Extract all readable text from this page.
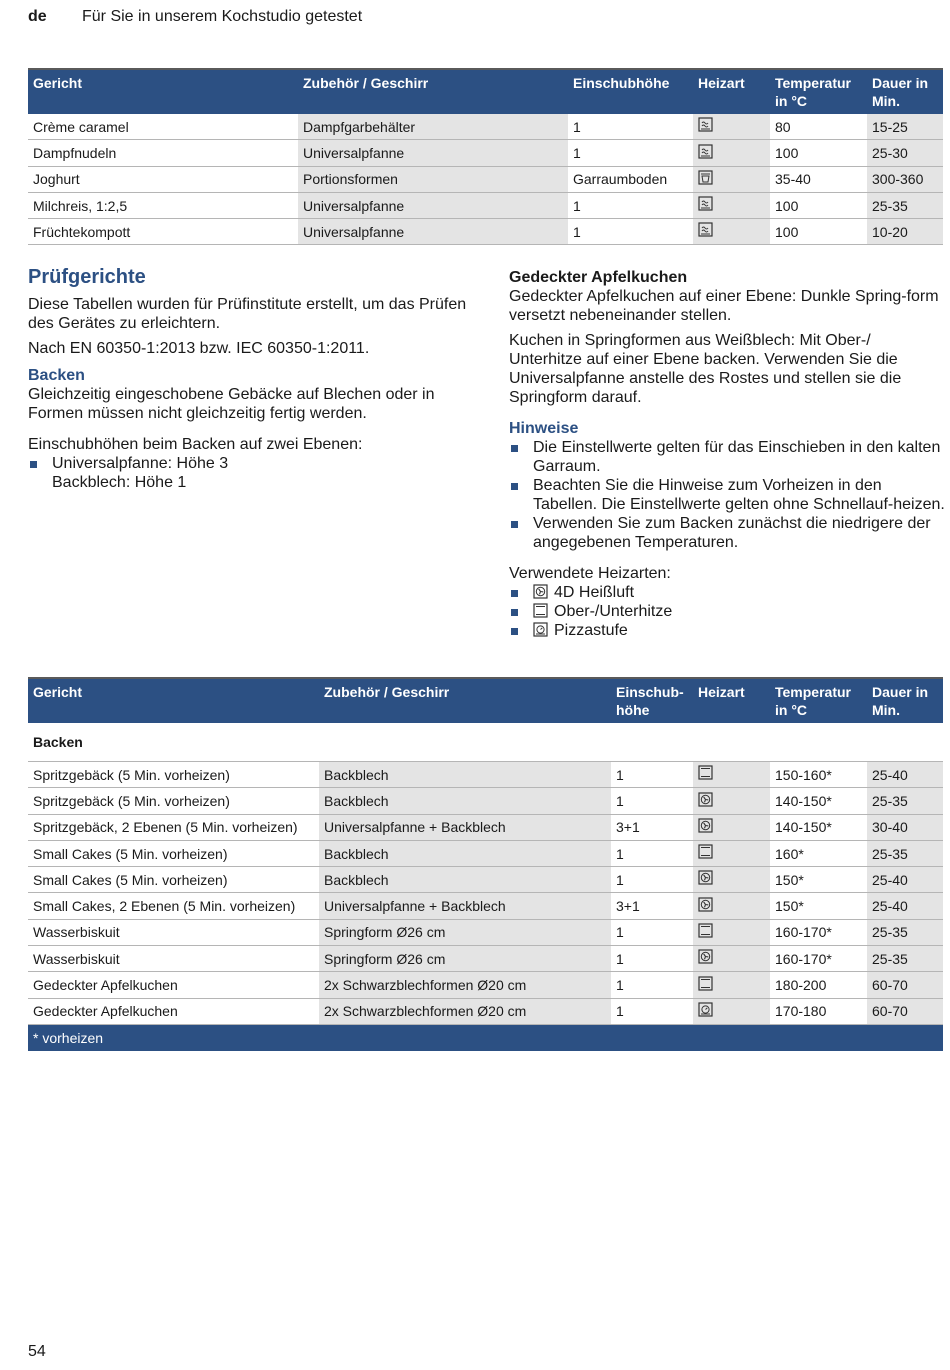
de Für Sie in unserem Kochstudio getestet
Gericht	Zubehör / Geschirr	Einschubhöhe	Heizart	Temperatur in °C	Dauer in Min.
Crème caramel	Dampfgarbehälter	1		80	15-25
Dampfnudeln	Universalpfanne	1		100	25-30
Joghurt	Portionsformen	Garraumboden		35-40	300-360
Milchreis, 1:2,5	Universalpfanne	1		100	25-35
Früchtekompott	Universalpfanne	1		100	10-20

Prüfgerichte

Diese Tabellen wurden für Prüfinstitute erstellt, um das Prüfen des Gerätes zu erleichtern.

Nach EN 60350-1:2013 bzw. IEC 60350-1:2011.

Backen

Gleichzeitig eingeschobene Gebäcke auf Blechen oder in Formen müssen nicht gleichzeitig fertig werden.

Einschubhöhen beim Backen auf zwei Ebenen:

Universalpfanne: Höhe 3
Backblech: Höhe 1

Gedeckter Apfelkuchen

Gedeckter Apfelkuchen auf einer Ebene: Dunkle Spring-form versetzt nebeneinander stellen.

Kuchen in Springformen aus Weißblech: Mit Ober-/ Unterhitze auf einer Ebene backen. Verwenden Sie die Universalpfanne anstelle des Rostes und stellen sie die Springform darauf.

Hinweise

Die Einstellwerte gelten für das Einschieben in den kalten Garraum.
Beachten Sie die Hinweise zum Vorheizen in den Tabellen. Die Einstellwerte gelten ohne Schnellauf-heizen.
Verwenden Sie zum Backen zunächst die niedrigere der angegebenen Temperaturen.

Verwendete Heizarten:

4D Heißluft
Ober-/Unterhitze
Pizzastufe
Gericht	Zubehör / Geschirr	Einschub-höhe	Heizart	Temperatur in °C	Dauer in Min.
Backen					
Spritzgebäck (5 Min. vorheizen)	Backblech	1		150-160*	25-40
Spritzgebäck (5 Min. vorheizen)	Backblech	1		140-150*	25-35
Spritzgebäck, 2 Ebenen (5 Min. vorheizen)	Universalpfanne + Backblech	3+1		140-150*	30-40
Small Cakes (5 Min. vorheizen)	Backblech	1		160*	25-35
Small Cakes (5 Min. vorheizen)	Backblech	1		150*	25-40
Small Cakes, 2 Ebenen (5 Min. vorheizen)	Universalpfanne + Backblech	3+1		150*	25-40
Wasserbiskuit	Springform Ø26 cm	1		160-170*	25-35
Wasserbiskuit	Springform Ø26 cm	1		160-170*	25-35
Gedeckter Apfelkuchen	2x Schwarzblechformen Ø20 cm	1		180-200	60-70
Gedeckter Apfelkuchen	2x Schwarzblechformen Ø20 cm	1		170-180	60-70
* vorheizen					
54
